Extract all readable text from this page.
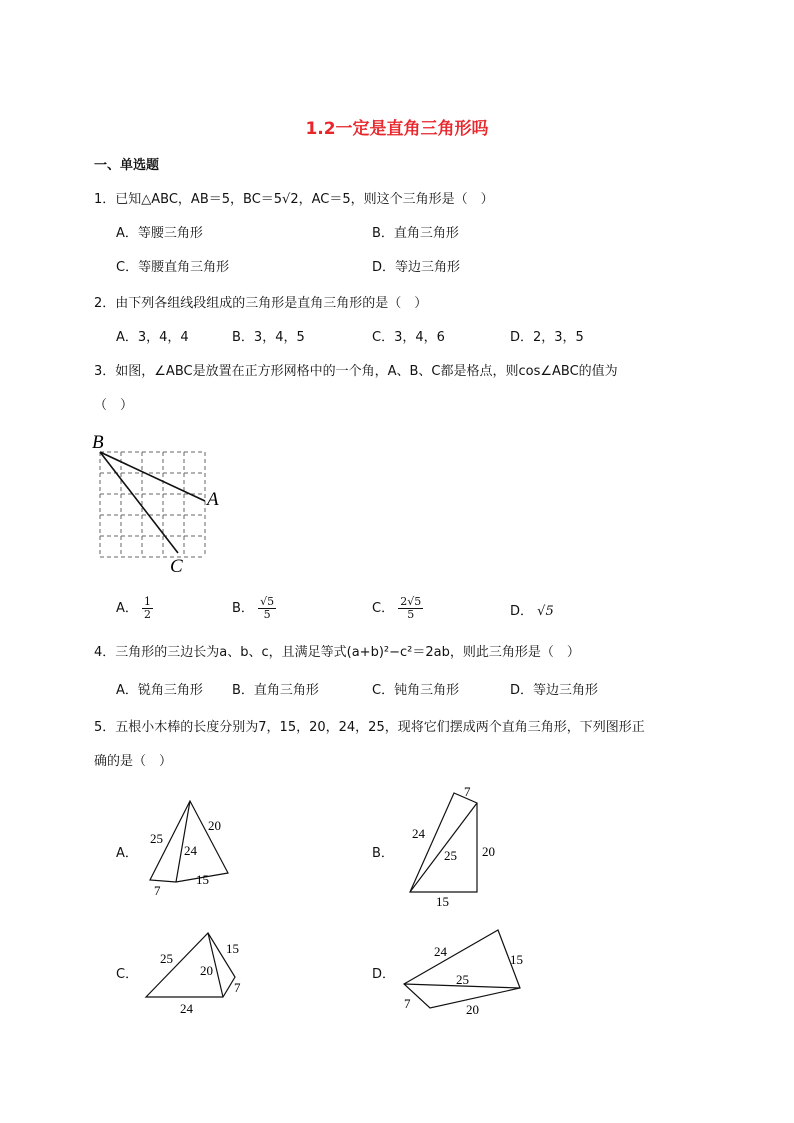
1.2一定是直角三角形吗
一、单选题
1．已知△ABC，AB＝5，BC＝5√2，AC＝5，则这个三角形是（　）
A．等腰三角形	B．直角三角形
C．等腰直角三角形	D．等边三角形
2．由下列各组线段组成的三角形是直角三角形的是（　）
A．3，4，4	B．3，4，5	C．3，4，6	D．2，3，5
3．如图，∠ABC是放置在正方形网格中的一个角，A、B、C都是格点，则cos∠ABC的值为
（　）
B
A
C
A． $\frac{1}{2}$	B． $\frac{√5}{5}$	C． $\frac{2√5}{5}$	D． √5
4．三角形的三边长为a、b、c，且满足等式(a+b)²−c²＝2ab，则此三角形是（　）
A．锐角三角形 B．直角三角形	C．钝角三角形	D．等边三角形
5．五根小木棒的长度分别为7，15，20，24，25，现将它们摆成两个直角三角形，下列图形正
确的是（　）
A．
25
20
24
7
15
B．
7
24
25 20
15
C．
25
15
20
7
24
D．
24
15
25
7	20
